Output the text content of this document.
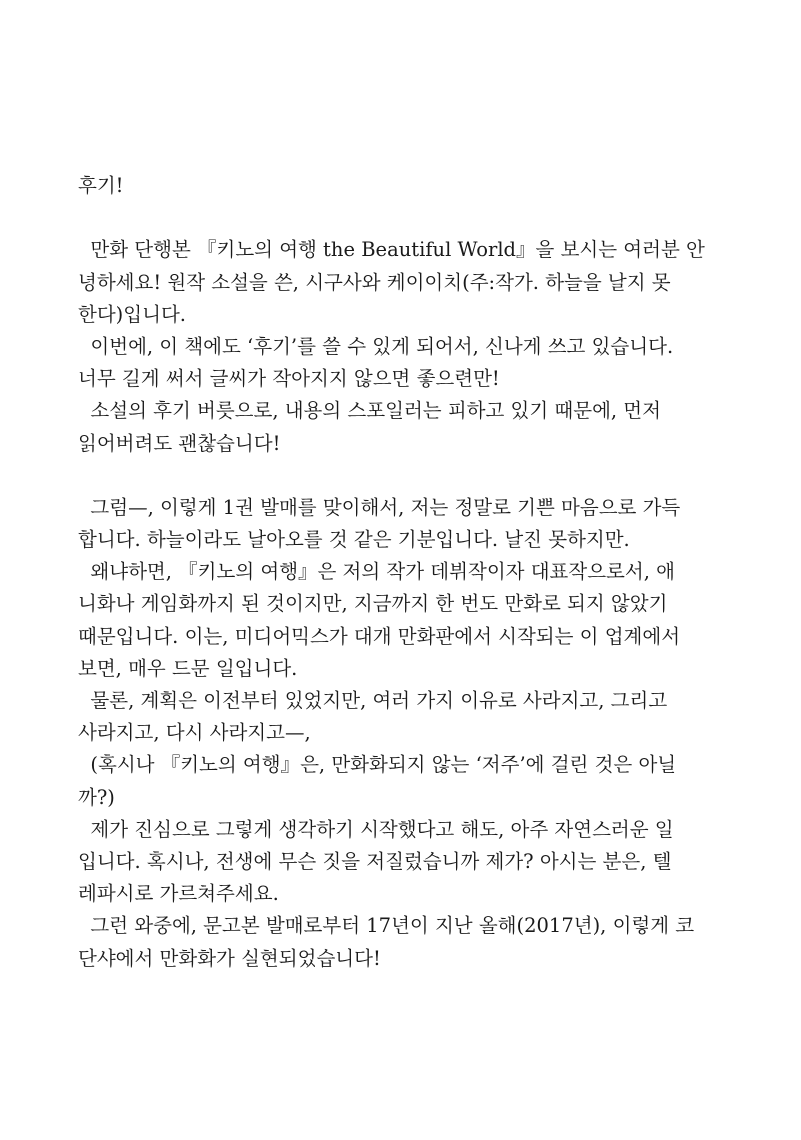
후기!
만화 단행본 『키노의 여행 the Beautiful World』을 보시는 여러분 안
녕하세요! 원작 소설을 쓴, 시구사와 케이이치(주:작가. 하늘을 날지 못
한다)입니다.
이번에, 이 책에도 ‘후기’를 쓸 수 있게 되어서, 신나게 쓰고 있습니다.
너무 길게 써서 글씨가 작아지지 않으면 좋으련만!
소설의 후기 버릇으로, 내용의 스포일러는 피하고 있기 때문에, 먼저
읽어버려도 괜찮습니다!
그럼—, 이렇게 1권 발매를 맞이해서, 저는 정말로 기쁜 마음으로 가득
합니다. 하늘이라도 날아오를 것 같은 기분입니다. 날진 못하지만.
왜냐하면, 『키노의 여행』은 저의 작가 데뷔작이자 대표작으로서, 애
니화나 게임화까지 된 것이지만, 지금까지 한 번도 만화로 되지 않았기
때문입니다. 이는, 미디어믹스가 대개 만화판에서 시작되는 이 업계에서
보면, 매우 드문 일입니다.
물론, 계획은 이전부터 있었지만, 여러 가지 이유로 사라지고, 그리고
사라지고, 다시 사라지고—,
(혹시나 『키노의 여행』은, 만화화되지 않는 ‘저주’에 걸린 것은 아닐
까?)
제가 진심으로 그렇게 생각하기 시작했다고 해도, 아주 자연스러운 일
입니다. 혹시나, 전생에 무슨 짓을 저질렀습니까 제가? 아시는 분은, 텔
레파시로 가르쳐주세요.
그런 와중에, 문고본 발매로부터 17년이 지난 올해(2017년), 이렇게 코
단샤에서 만화화가 실현되었습니다!
